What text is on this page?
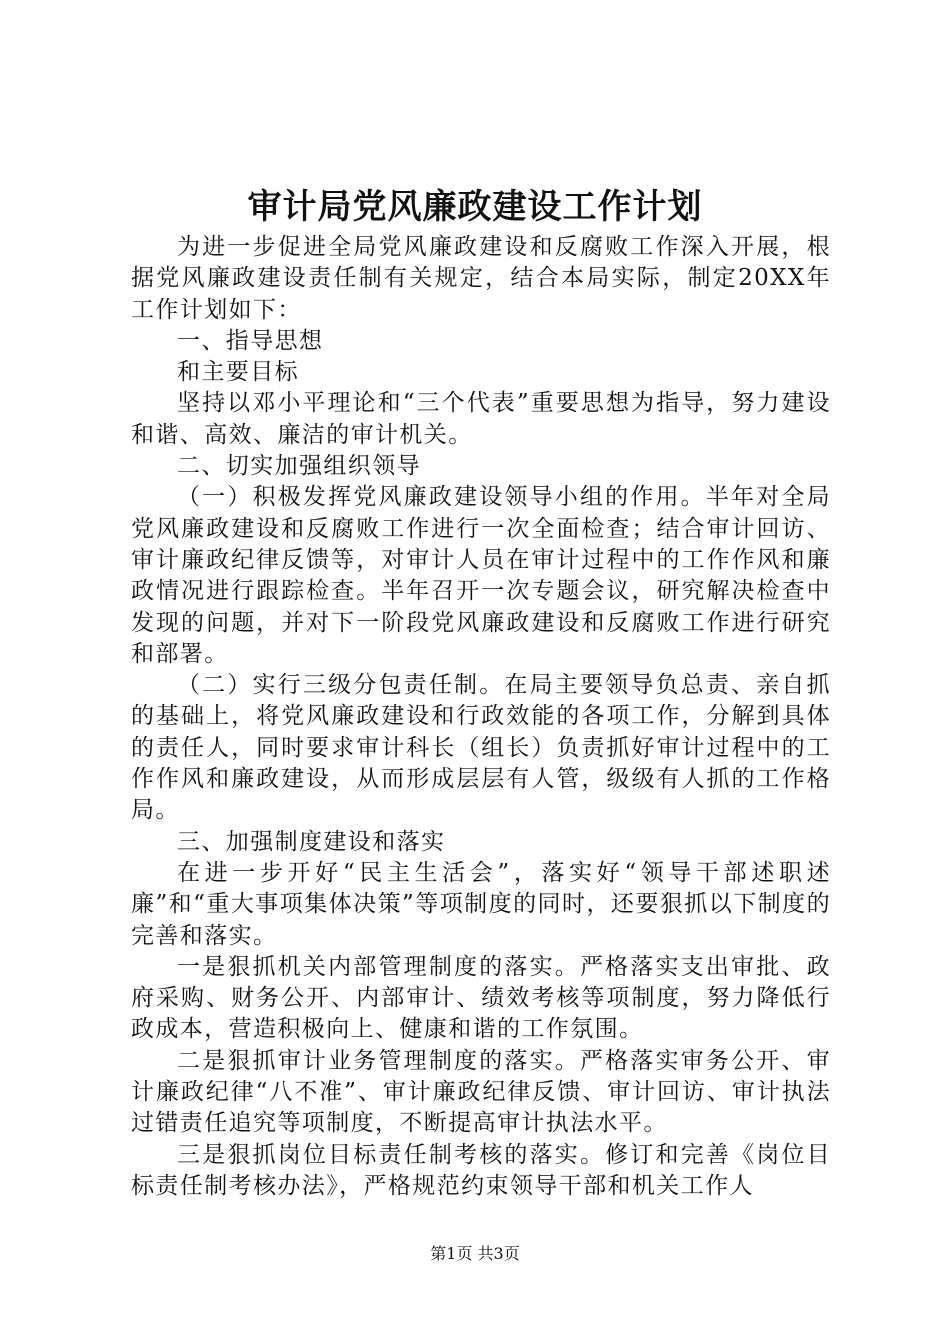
审计局党风廉政建设工作计划

为进一步促进全局党风廉政建设和反腐败工作深入开展，根据党风廉政建设责任制有关规定，结合本局实际，制定20XX年工作计划如下：

一、指导思想

和主要目标

坚持以邓小平理论和“三个代表”重要思想为指导，努力建设和谐、高效、廉洁的审计机关。

二、切实加强组织领导

（一）积极发挥党风廉政建设领导小组的作用。半年对全局党风廉政建设和反腐败工作进行一次全面检查；结合审计回访、审计廉政纪律反馈等，对审计人员在审计过程中的工作作风和廉政情况进行跟踪检查。半年召开一次专题会议，研究解决检查中发现的问题，并对下一阶段党风廉政建设和反腐败工作进行研究和部署。

（二）实行三级分包责任制。在局主要领导负总责、亲自抓的基础上，将党风廉政建设和行政效能的各项工作，分解到具体的责任人，同时要求审计科长（组长）负责抓好审计过程中的工作作风和廉政建设，从而形成层层有人管，级级有人抓的工作格局。

三、加强制度建设和落实

在进一步开好“民主生活会”，落实好“领导干部述职述廉”和“重大事项集体决策”等项制度的同时，还要狠抓以下制度的完善和落实。

一是狠抓机关内部管理制度的落实。严格落实支出审批、政府采购、财务公开、内部审计、绩效考核等项制度，努力降低行政成本，营造积极向上、健康和谐的工作氛围。

二是狠抓审计业务管理制度的落实。严格落实审务公开、审计廉政纪律“八不准”、审计廉政纪律反馈、审计回访、审计执法过错责任追究等项制度，不断提高审计执法水平。

三是狠抓岗位目标责任制考核的落实。修订和完善《岗位目标责任制考核办法》，严格规范约束领导干部和机关工作人

第1页 共3页
